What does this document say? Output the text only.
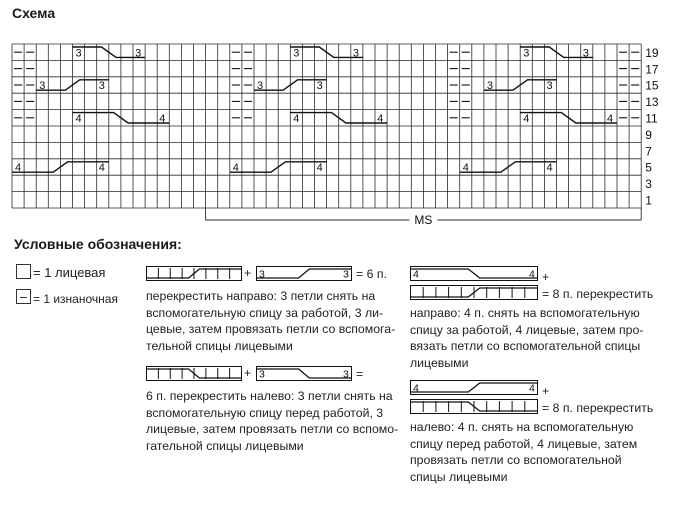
Схема
3	3
3	3
4	4
4	4
3	3
3	3
4	4
4	4
3	3
3	3
4	4
4	4
19
17
15
13
11
9
7
5
3
1
MS
Условные обозначения:
= 1 лицевая
= 1 изнаночная
+ 3	3 = 6 п.
перекрестить направо: 3 петли снять на
вспомогательную спицу за работой, 3 ли-
цевые, затем провязать петли со вспомога-
тельной спицы лицевыми
+ 3	3 =
6 п. перекрестить налево: 3 петли снять на
вспомогательную спицу перед работой, 3
лицевые, затем провязать петли со вспомо-
гательной спицы лицевыми
4	4 +
= 8 п. перекрестить
направо: 4 п. снять на вспомогательную
спицу за работой, 4 лицевые, затем про-
вязать петли со вспомогательной спицы
лицевыми
4	4 +
= 8 п. перекрестить
налево: 4 п. снять на вспомогательную
спицу перед работой, 4 лицевые, затем
провязать петли со вспомогательной
спицы лицевыми
